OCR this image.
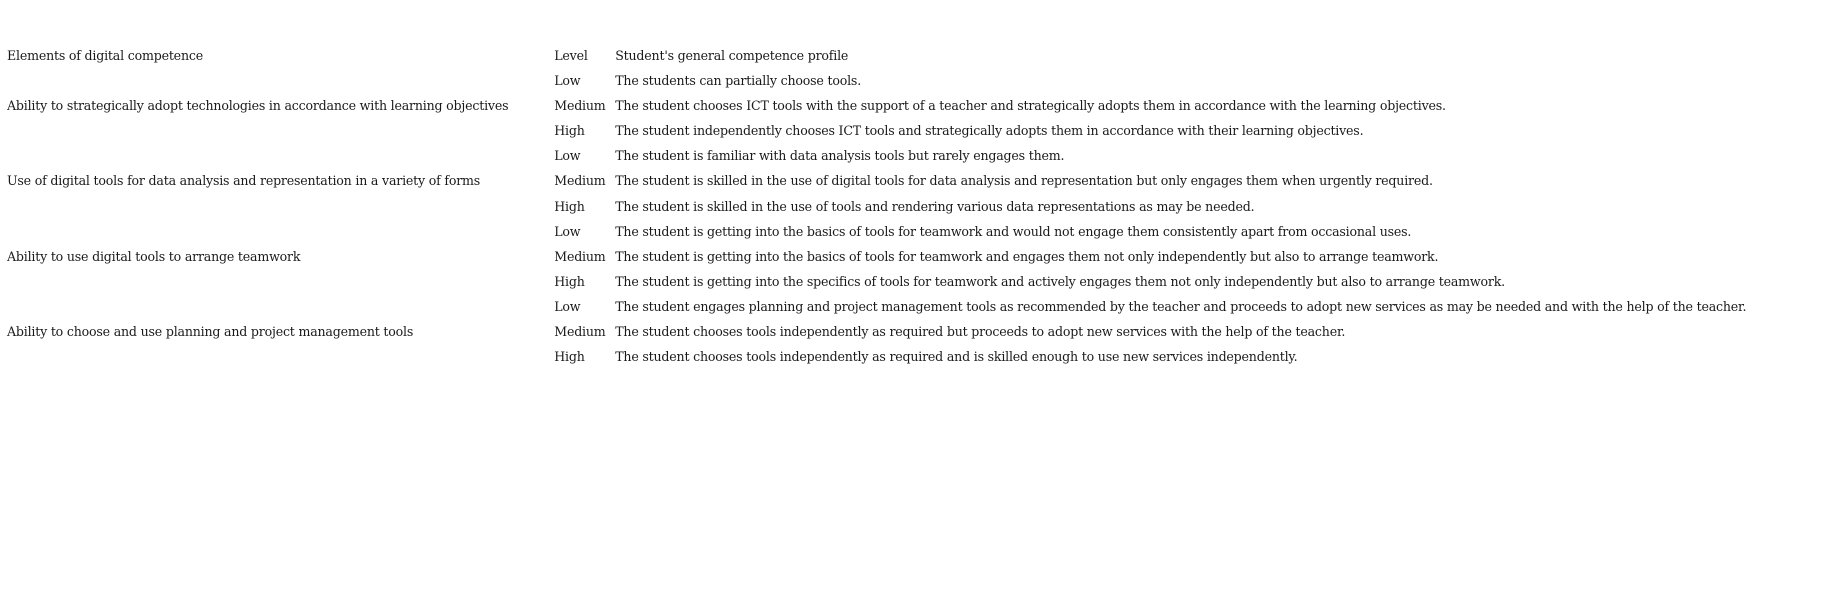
Elements of digital competence	Level	Student's general competence profile
Ability to strategically adopt technologies in accordance with learning objectives	Low	The students can partially choose tools.
	Medium	The student chooses ICT tools with the support of a teacher and strategically adopts them in accordance with the learning objectives.
	High	The student independently chooses ICT tools and strategically adopts them in accordance with their learning objectives.
Use of digital tools for data analysis and representation in a variety of forms	Low	The student is familiar with data analysis tools but rarely engages them.
	Medium	The student is skilled in the use of digital tools for data analysis and representation but only engages them when urgently required.
	High	The student is skilled in the use of tools and rendering various data representations as may be needed.
Ability to use digital tools to arrange teamwork	Low	The student is getting into the basics of tools for teamwork and would not engage them consistently apart from occasional uses.
	Medium	The student is getting into the basics of tools for teamwork and engages them not only independently but also to arrange teamwork.
	High	The student is getting into the specifics of tools for teamwork and actively engages them not only independently but also to arrange teamwork.
Ability to choose and use planning and project management tools	Low	The student engages planning and project management tools as recommended by the teacher and proceeds to adopt new services as may be needed and with the help of the teacher.
	Medium	The student chooses tools independently as required but proceeds to adopt new services with the help of the teacher.
	High	The student chooses tools independently as required and is skilled enough to use new services independently.
